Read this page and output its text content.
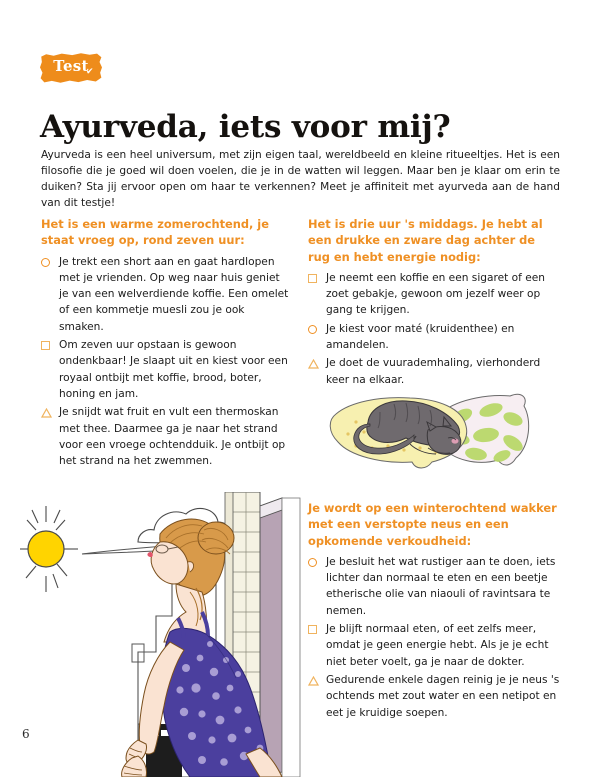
Test
✔
Ayurveda, iets voor mij?

Ayurveda is een heel universum, met zijn eigen taal, wereldbeeld en kleine ritueeltjes. Het is een filosofie die je goed wil doen voelen, die je in de watten wil leggen. Maar ben je klaar om erin te duiken? Sta jij ervoor open om haar te verkennen? Meet je affiniteit met ayurveda aan de hand van dit testje!

Het is een warme zomerochtend, je staat vroeg op, rond zeven uur:

Je trekt een short aan en gaat hardlopen met je vrienden. Op weg naar huis geniet je van een welverdiende koffie. Een omelet of een kommetje muesli zou je ook smaken.
Om zeven uur opstaan is gewoon ondenkbaar! Je slaapt uit en kiest voor een royaal ontbijt met koffie, brood, boter, honing en jam.
Je snijdt wat fruit en vult een thermoskan met thee. Daarmee ga je naar het strand voor een vroege ochtendduik. Je ontbijt op het strand na het zwemmen.

Het is drie uur 's middags. Je hebt al een drukke en zware dag achter de rug en hebt energie nodig:

Je neemt een koffie en een sigaret of een zoet gebakje, gewoon om jezelf weer op gang te krijgen.
Je kiest voor maté (kruidenthee) en amandelen.
Je doet de vuurademhaling, vierhonderd keer na elkaar.

Je wordt op een winterochtend wakker met een verstopte neus en een opkomende verkoudheid:

Je besluit het wat rustiger aan te doen, iets lichter dan normaal te eten en een beetje etherische olie van niaouli of ravintsara te nemen.
Je blijft normaal eten, of eet zelfs meer, omdat je geen energie hebt. Als je je echt niet beter voelt, ga je naar de dokter.
Gedurende enkele dagen reinig je je neus 's ochtends met zout water en een netipot en eet je kruidige soepen.
6
